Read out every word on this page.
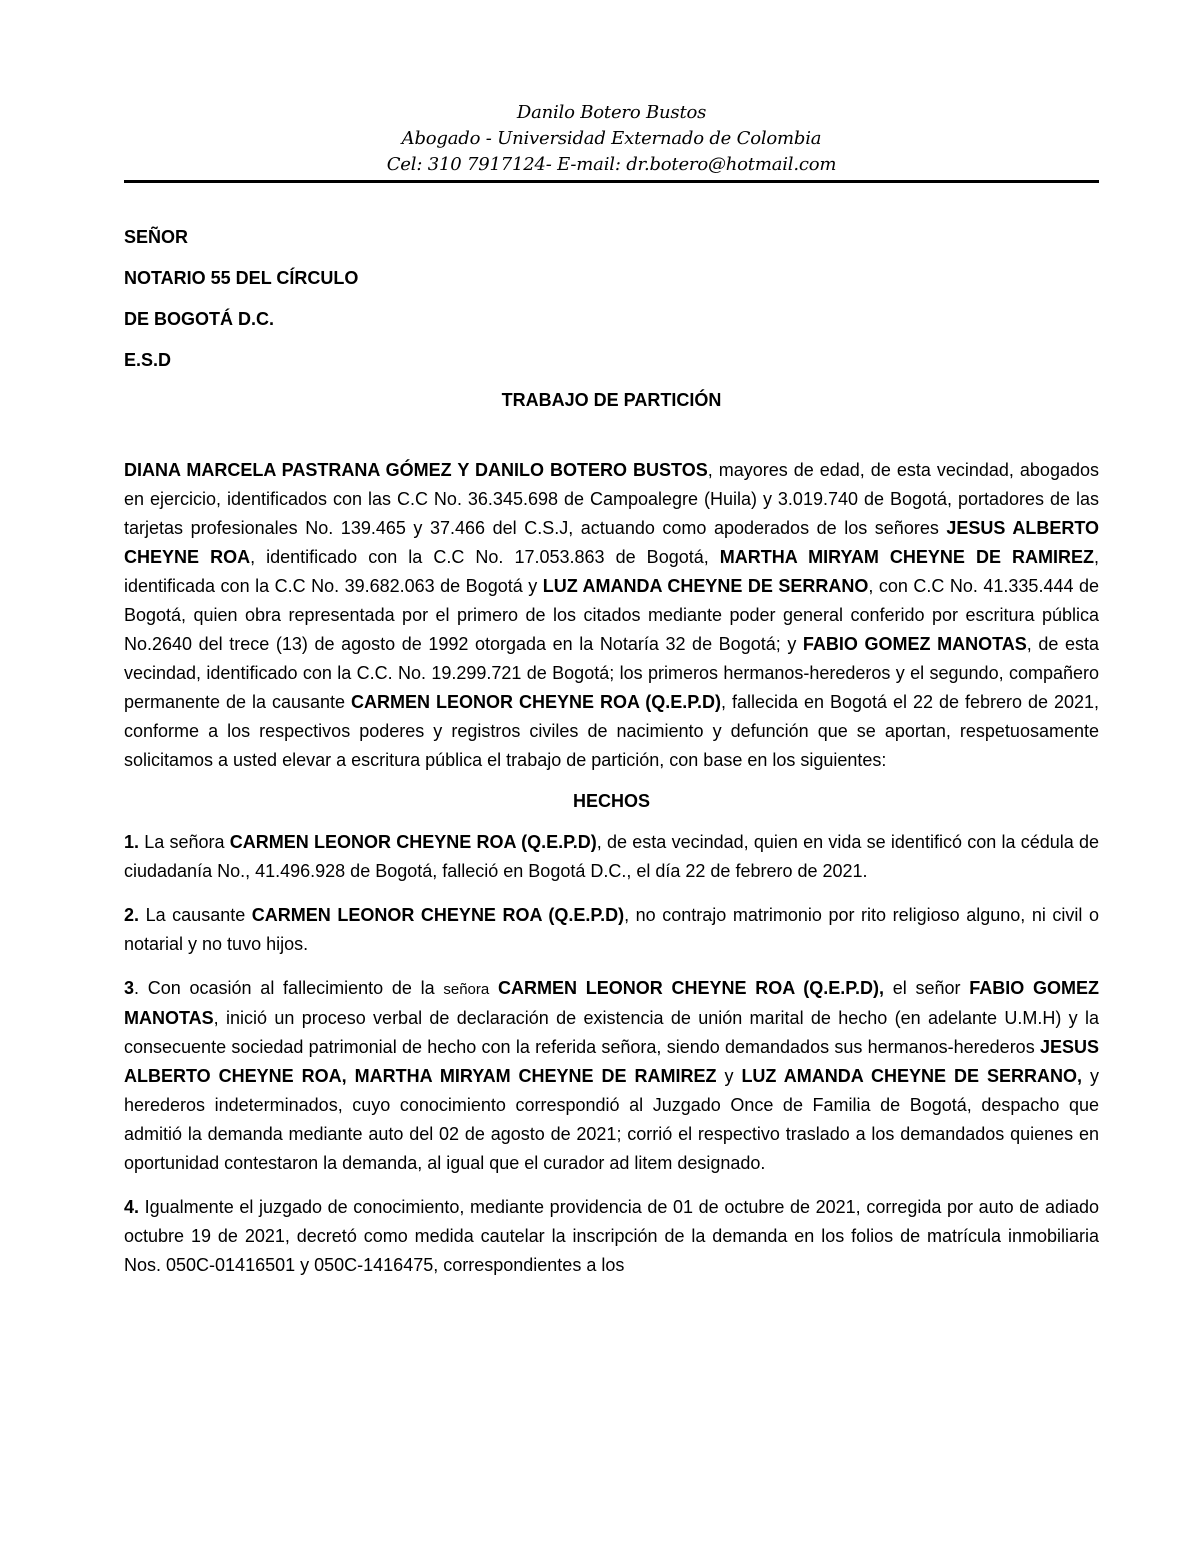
Danilo Botero Bustos
Abogado - Universidad Externado de Colombia
Cel: 310 7917124- E-mail: dr.botero@hotmail.com

SEÑOR

NOTARIO 55 DEL CÍRCULO

DE BOGOTÁ D.C.

E.S.D

TRABAJO DE PARTICIÓN

DIANA MARCELA PASTRANA GÓMEZ Y DANILO BOTERO BUSTOS, mayores de edad, de esta vecindad, abogados en ejercicio, identificados con las C.C No. 36.345.698 de Campoalegre (Huila) y 3.019.740 de Bogotá, portadores de las tarjetas profesionales No. 139.465 y 37.466 del C.S.J, actuando como apoderados de los señores JESUS ALBERTO CHEYNE ROA, identificado con la C.C No. 17.053.863 de Bogotá, MARTHA MIRYAM CHEYNE DE RAMIREZ, identificada con la C.C No. 39.682.063 de Bogotá y LUZ AMANDA CHEYNE DE SERRANO, con C.C No. 41.335.444 de Bogotá, quien obra representada por el primero de los citados mediante poder general conferido por escritura pública No.2640 del trece (13) de agosto de 1992 otorgada en la Notaría 32 de Bogotá; y FABIO GOMEZ MANOTAS, de esta vecindad, identificado con la C.C. No. 19.299.721 de Bogotá; los primeros hermanos-herederos y el segundo, compañero permanente de la causante CARMEN LEONOR CHEYNE ROA (Q.E.P.D), fallecida en Bogotá el 22 de febrero de 2021, conforme a los respectivos poderes y registros civiles de nacimiento y defunción que se aportan, respetuosamente solicitamos a usted elevar a escritura pública el trabajo de partición, con base en los siguientes:

HECHOS

1. La señora CARMEN LEONOR CHEYNE ROA (Q.E.P.D), de esta vecindad, quien en vida se identificó con la cédula de ciudadanía No., 41.496.928 de Bogotá, falleció en Bogotá D.C., el día 22 de febrero de 2021.

2. La causante CARMEN LEONOR CHEYNE ROA (Q.E.P.D), no contrajo matrimonio por rito religioso alguno, ni civil o notarial y no tuvo hijos.

3. Con ocasión al fallecimiento de la señora CARMEN LEONOR CHEYNE ROA (Q.E.P.D), el señor FABIO GOMEZ MANOTAS, inició un proceso verbal de declaración de existencia de unión marital de hecho (en adelante U.M.H) y la consecuente sociedad patrimonial de hecho con la referida señora, siendo demandados sus hermanos-herederos JESUS ALBERTO CHEYNE ROA, MARTHA MIRYAM CHEYNE DE RAMIREZ y LUZ AMANDA CHEYNE DE SERRANO, y herederos indeterminados, cuyo conocimiento correspondió al Juzgado Once de Familia de Bogotá, despacho que admitió la demanda mediante auto del 02 de agosto de 2021; corrió el respectivo traslado a los demandados quienes en oportunidad contestaron la demanda, al igual que el curador ad litem designado.

4. Igualmente el juzgado de conocimiento, mediante providencia de 01 de octubre de 2021, corregida por auto de adiado octubre 19 de 2021, decretó como medida cautelar la inscripción de la demanda en los folios de matrícula inmobiliaria Nos. 050C-01416501 y 050C-1416475, correspondientes a los
